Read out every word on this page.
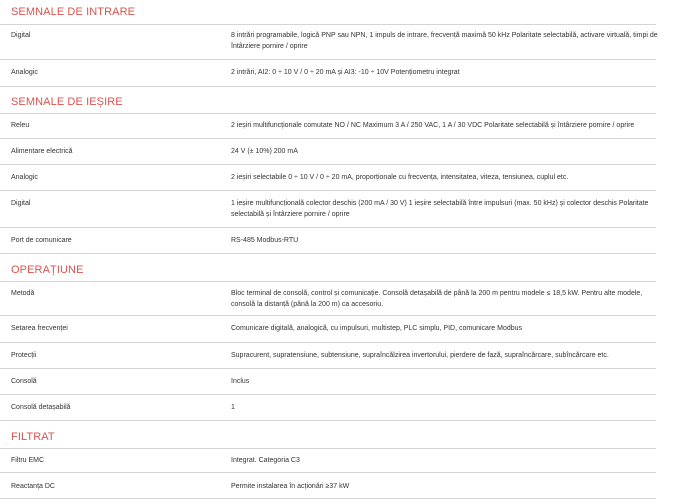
SEMNALE DE INTRARE
Digital	8 intrări programabile, logică PNP sau NPN, 1 impuls de intrare, frecvență maximă 50 kHz Polaritate selectabilă, activare virtuală, timpi de întârziere pornire / oprire
Analogic	2 intrări, AI2: 0 ÷ 10 V / 0 ÷ 20 mA și AI3: -10 ÷ 10V Potențiometru integrat
SEMNALE DE IEȘIRE
Releu	2 ieșiri multifuncționale comutate NO / NC Maximum 3 A / 250 VAC, 1 A / 30 VDC Polaritate selectabilă și întârziere pornire / oprire
Alimentare electrică	24 V (± 10%) 200 mA
Analogic	2 ieșiri selectabile 0 ÷ 10 V / 0 ÷ 20 mA, proporționale cu frecvența, intensitatea, viteza, tensiunea, cuplul etc.
Digital	1 ieșire multifuncțională colector deschis (200 mA / 30 V) 1 ieșire selectabilă între impulsuri (max. 50 kHz) și colector deschis Polaritate selectabilă și întârziere pornire / oprire
Port de comunicare	RS-485 Modbus-RTU
OPERAȚIUNE
Metodă	Bloc terminal de consolă, control și comunicație. Consolă detașabilă de până la 200 m pentru modele ≤ 18,5 kW. Pentru alte modele, consolă la distanță (până la 200 m) ca accesoriu.
Setarea frecvenței	Comunicare digitală, analogică, cu impulsuri, multistep, PLC simplu, PID, comunicare Modbus
Protecții	Supracurent, supratensiune, subtensiune, supraîncălzirea invertorului, pierdere de fază, supraîncărcare, subîncărcare etc.
Consolă	Inclus
Consolă detașabilă	1
FILTRAT
Filtru EMC	Integrat. Categoria C3
Reactanța DC	Permite instalarea în acționări ≥37 kW
